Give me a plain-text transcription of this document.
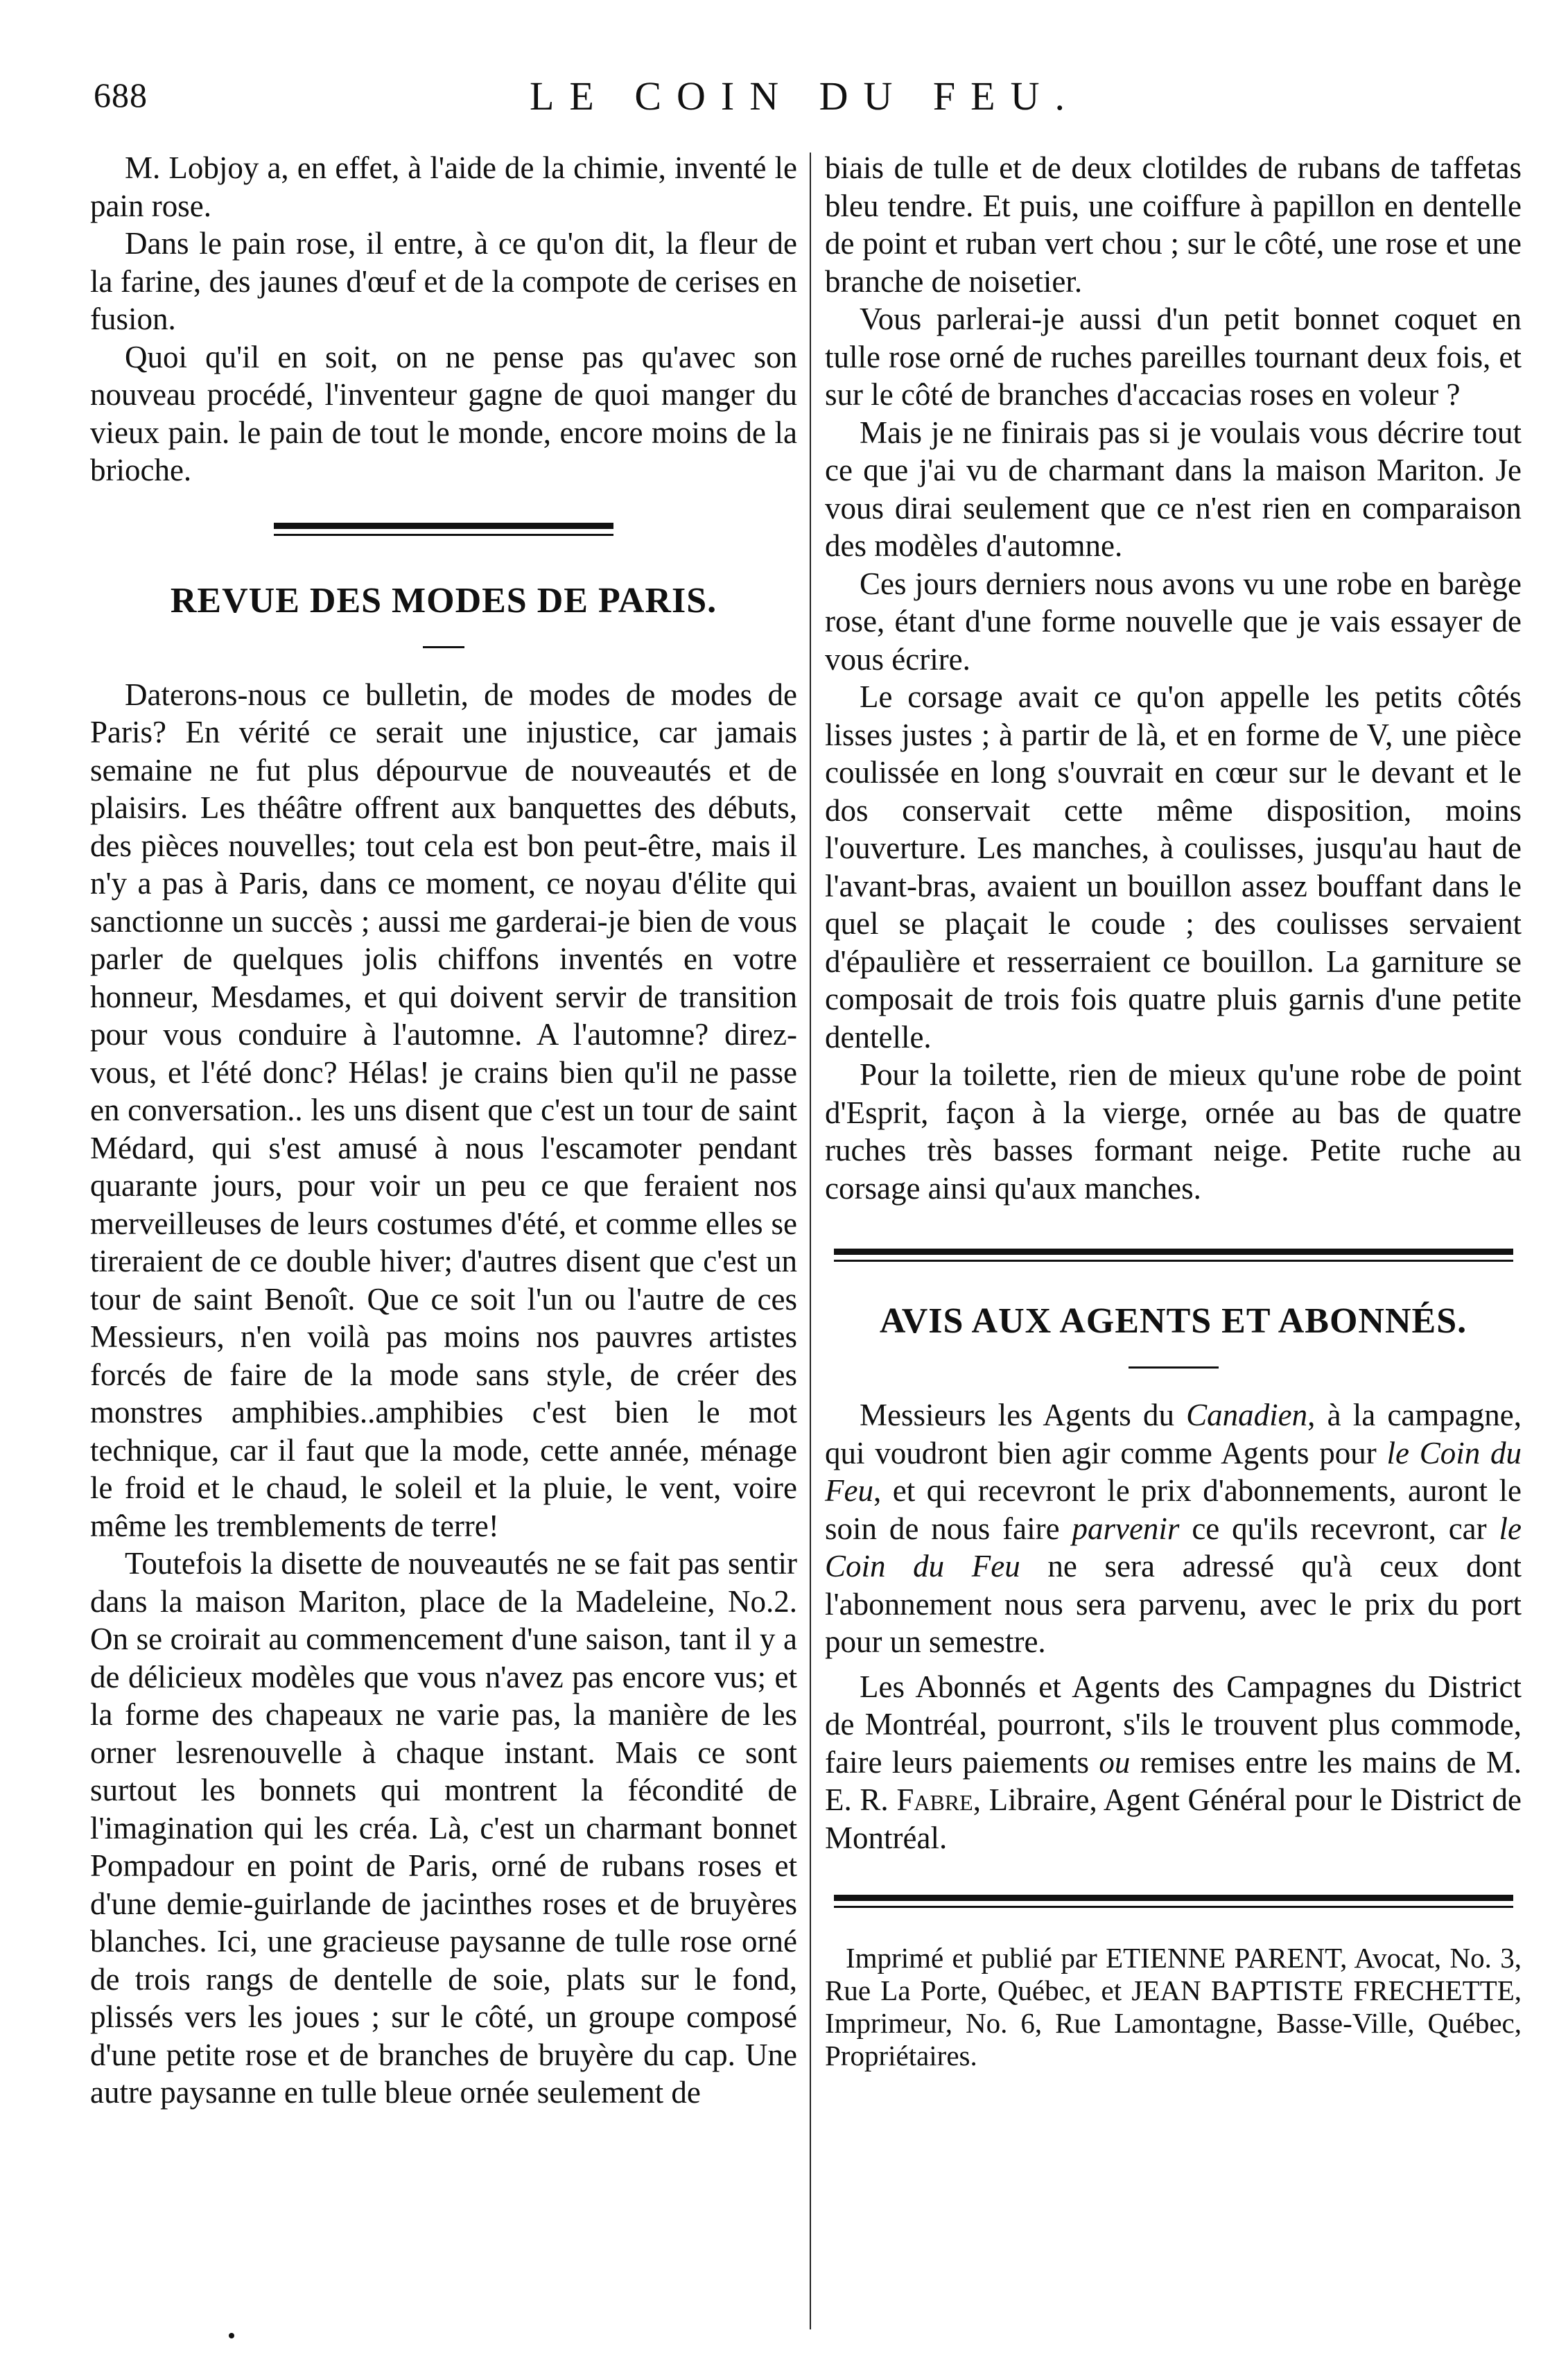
688	LE COIN DU FEU.

M. Lobjoy a, en effet, à l'aide de la chimie, inventé le pain rose.

Dans le pain rose, il entre, à ce qu'on dit, la fleur de la farine, des jaunes d'œuf et de la compote de cerises en fusion.

Quoi qu'il en soit, on ne pense pas qu'avec son nouveau procédé, l'inventeur gagne de quoi manger du vieux pain. le pain de tout le monde, encore moins de la brioche.

REVUE DES MODES DE PARIS.

Daterons-nous ce bulletin, de modes de modes de Paris? En vérité ce serait une injustice, car jamais semaine ne fut plus dépourvue de nouveautés et de plaisirs. Les théâtre offrent aux banquettes des débuts, des pièces nouvelles; tout cela est bon peut-être, mais il n'y a pas à Paris, dans ce moment, ce noyau d'élite qui sanctionne un succès ; aussi me garderai-je bien de vous parler de quelques jolis chiffons inventés en votre honneur, Mesdames, et qui doivent servir de transition pour vous conduire à l'automne. A l'automne? direz-vous, et l'été donc? Hélas! je crains bien qu'il ne passe en conversation.. les uns disent que c'est un tour de saint Médard, qui s'est amusé à nous l'escamoter pendant quarante jours, pour voir un peu ce que feraient nos merveilleuses de leurs costumes d'été, et comme elles se tireraient de ce double hiver; d'autres disent que c'est un tour de saint Benoît. Que ce soit l'un ou l'autre de ces Messieurs, n'en voilà pas moins nos pauvres artistes forcés de faire de la mode sans style, de créer des monstres amphibies..amphibies c'est bien le mot technique, car il faut que la mode, cette année, ménage le froid et le chaud, le soleil et la pluie, le vent, voire même les tremblements de terre!

Toutefois la disette de nouveautés ne se fait pas sentir dans la maison Mariton, place de la Madeleine, No.2. On se croirait au commencement d'une saison, tant il y a de délicieux modèles que vous n'avez pas encore vus; et la forme des chapeaux ne varie pas, la manière de les orner lesrenouvelle à chaque instant. Mais ce sont surtout les bonnets qui montrent la fécondité de l'imagination qui les créa. Là, c'est un charmant bonnet Pompadour en point de Paris, orné de rubans roses et d'une demie-guirlande de jacinthes roses et de bruyères blanches. Ici, une gracieuse paysanne de tulle rose orné de trois rangs de dentelle de soie, plats sur le fond, plissés vers les joues ; sur le côté, un groupe composé d'une petite rose et de branches de bruyère du cap. Une autre paysanne en tulle bleue ornée seulement de

biais de tulle et de deux clotildes de rubans de taffetas bleu tendre. Et puis, une coiffure à papillon en dentelle de point et ruban vert chou ; sur le côté, une rose et une branche de noisetier.

Vous parlerai-je aussi d'un petit bonnet coquet en tulle rose orné de ruches pareilles tournant deux fois, et sur le côté de branches d'accacias roses en voleur ?

Mais je ne finirais pas si je voulais vous décrire tout ce que j'ai vu de charmant dans la maison Mariton. Je vous dirai seulement que ce n'est rien en comparaison des modèles d'automne.

Ces jours derniers nous avons vu une robe en barège rose, étant d'une forme nouvelle que je vais essayer de vous écrire.

Le corsage avait ce qu'on appelle les petits côtés lisses justes ; à partir de là, et en forme de V, une pièce coulissée en long s'ouvrait en cœur sur le devant et le dos conservait cette même disposition, moins l'ouverture. Les manches, à coulisses, jusqu'au haut de l'avant-bras, avaient un bouillon assez bouffant dans le quel se plaçait le coude ; des coulisses servaient d'épaulière et resserraient ce bouillon. La garniture se composait de trois fois quatre pluis garnis d'une petite dentelle.

Pour la toilette, rien de mieux qu'une robe de point d'Esprit, façon à la vierge, ornée au bas de quatre ruches très basses formant neige. Petite ruche au corsage ainsi qu'aux manches.

AVIS AUX AGENTS ET ABONNÉS.

Messieurs les Agents du Canadien, à la campagne, qui voudront bien agir comme Agents pour le Coin du Feu, et qui recevront le prix d'abonnements, auront le soin de nous faire parvenir ce qu'ils recevront, car le Coin du Feu ne sera adressé qu'à ceux dont l'abonnement nous sera parvenu, avec le prix du port pour un semestre.

Les Abonnés et Agents des Campagnes du District de Montréal, pourront, s'ils le trouvent plus commode, faire leurs paiements ou remises entre les mains de M. E. R. Fabre, Libraire, Agent Général pour le District de Montréal.

Imprimé et publié par ETIENNE PARENT, Avocat, No. 3, Rue La Porte, Québec, et JEAN BAPTISTE FRECHETTE, Imprimeur, No. 6, Rue Lamontagne, Basse-Ville, Québec, Propriétaires.
